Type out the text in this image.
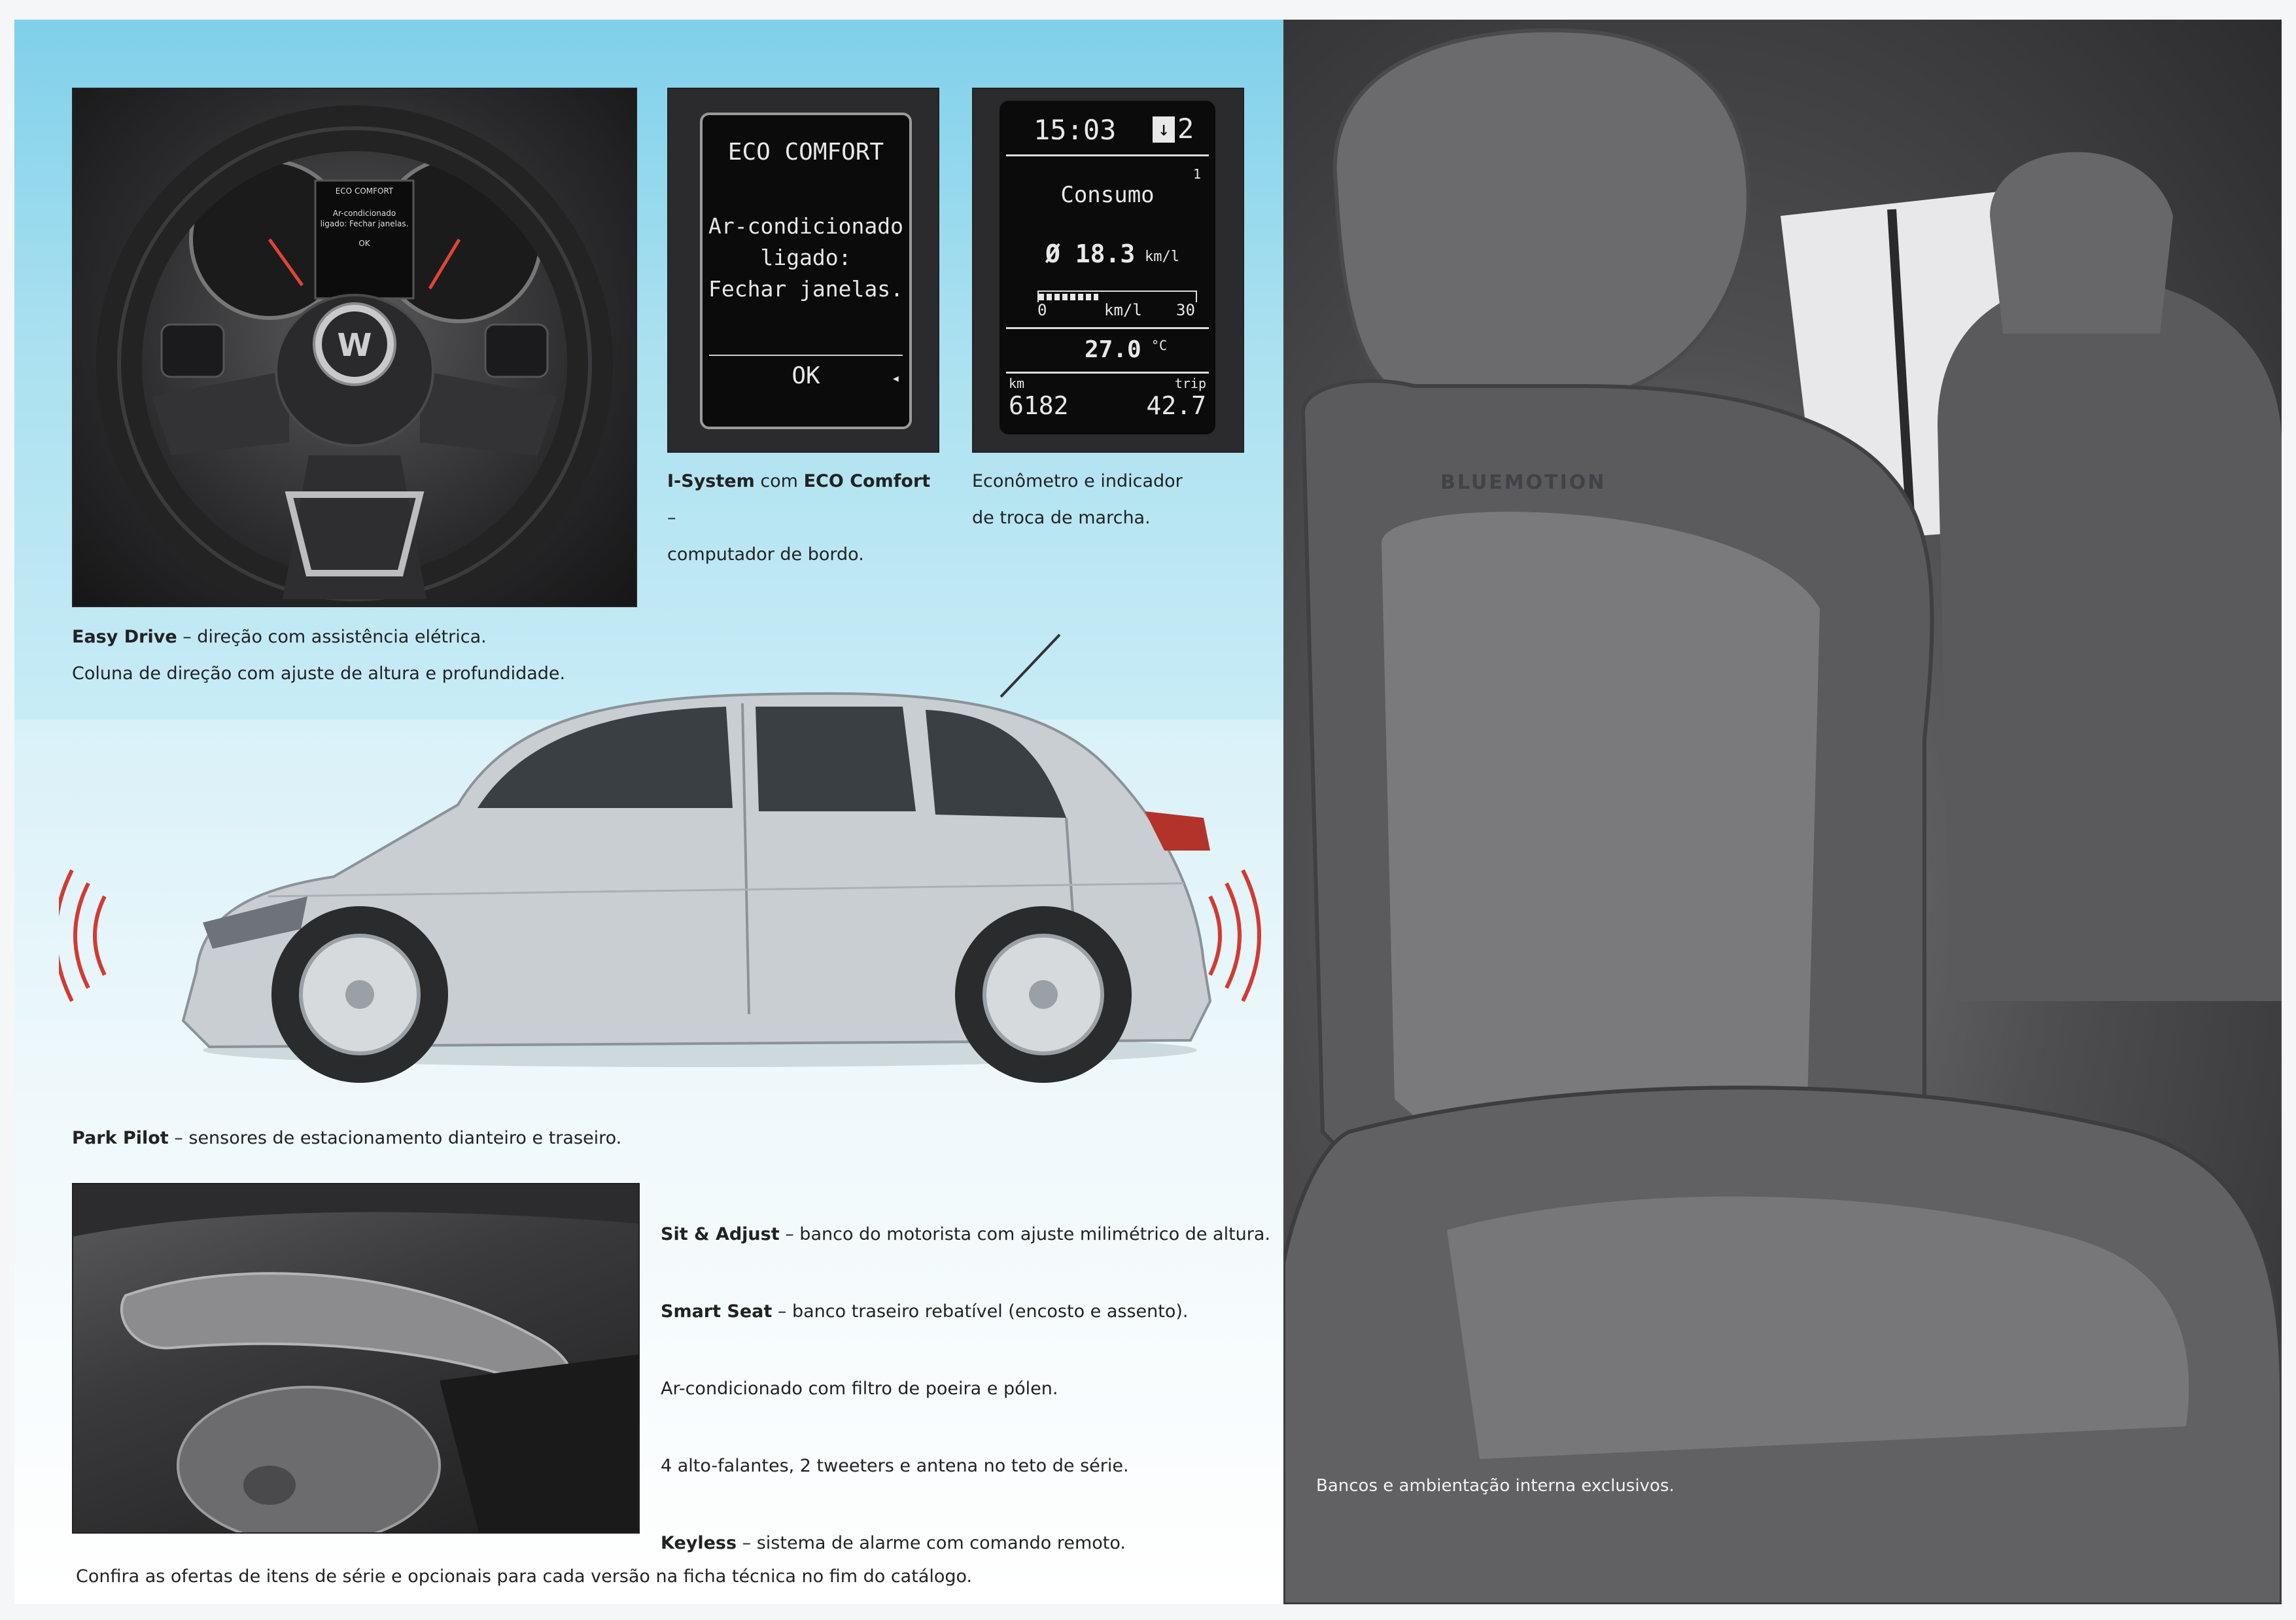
W
ECO COMFORT
Ar-condicionado ligado: Fechar janelas.
OK
ECO COMFORT
Ar-condicionado
ligado:
Fechar janelas.
OK	◂
15:03 ↓ 2
Consumo
1
Ø 18.3 km/l
0	km/l 30
27.0 °C
km	trip
6182	42.7
I-System com ECO Comfort –
computador de bordo.
Econômetro e indicador
de troca de marcha.
Easy Drive – direção com assistência elétrica.
Coluna de direção com ajuste de altura e profundidade.
Park Pilot – sensores de estacionamento dianteiro e traseiro.
Sit & Adjust – banco do motorista com ajuste milimétrico de altura.
Smart Seat – banco traseiro rebatível (encosto e assento).
Ar-condicionado com filtro de poeira e pólen.
4 alto-falantes, 2 tweeters e antena no teto de série.
Keyless – sistema de alarme com comando remoto.
Confira as ofertas de itens de série e opcionais para cada versão na ficha técnica no fim do catálogo.
BLUEMOTION
Bancos e ambientação interna exclusivos.
